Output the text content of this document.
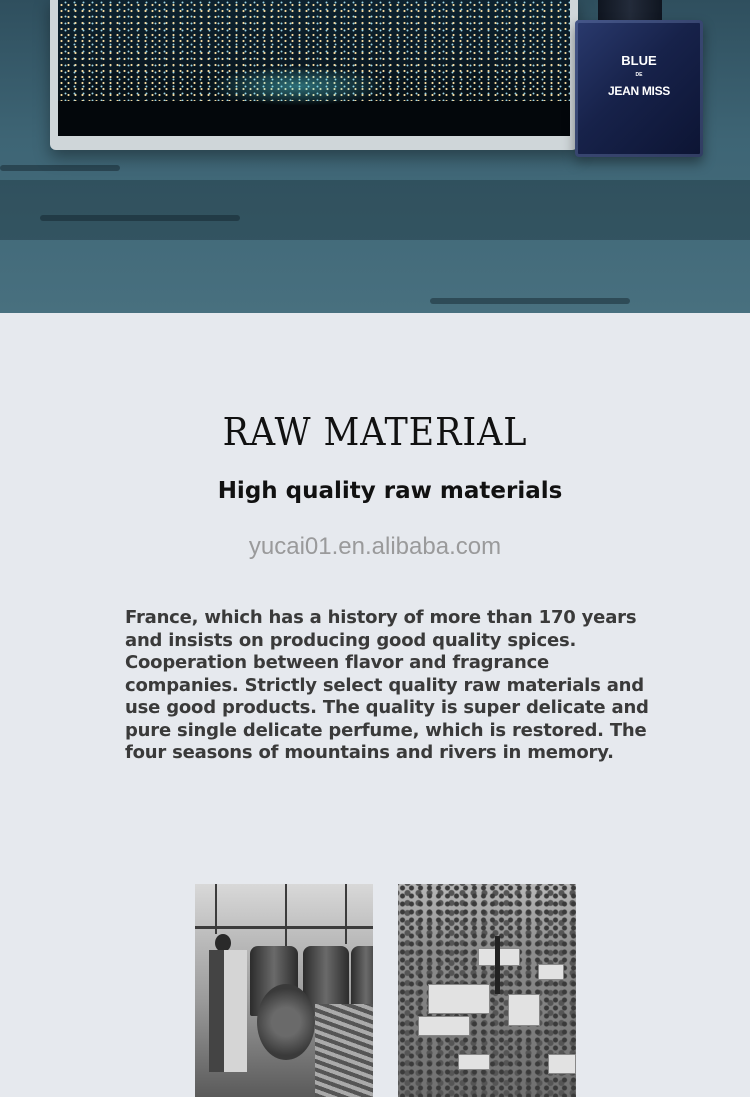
BLUE
DE
JEAN MISS
RAW MATERIAL
High quality raw materials
yucai01.en.alibaba.com

France, which has a history of more than 170 years and insists on producing good quality spices. Cooperation between flavor and fragrance companies. Strictly select quality raw materials and use good products. The quality is super delicate and pure single delicate perfume, which is restored. The four seasons of mountains and rivers in memory.
